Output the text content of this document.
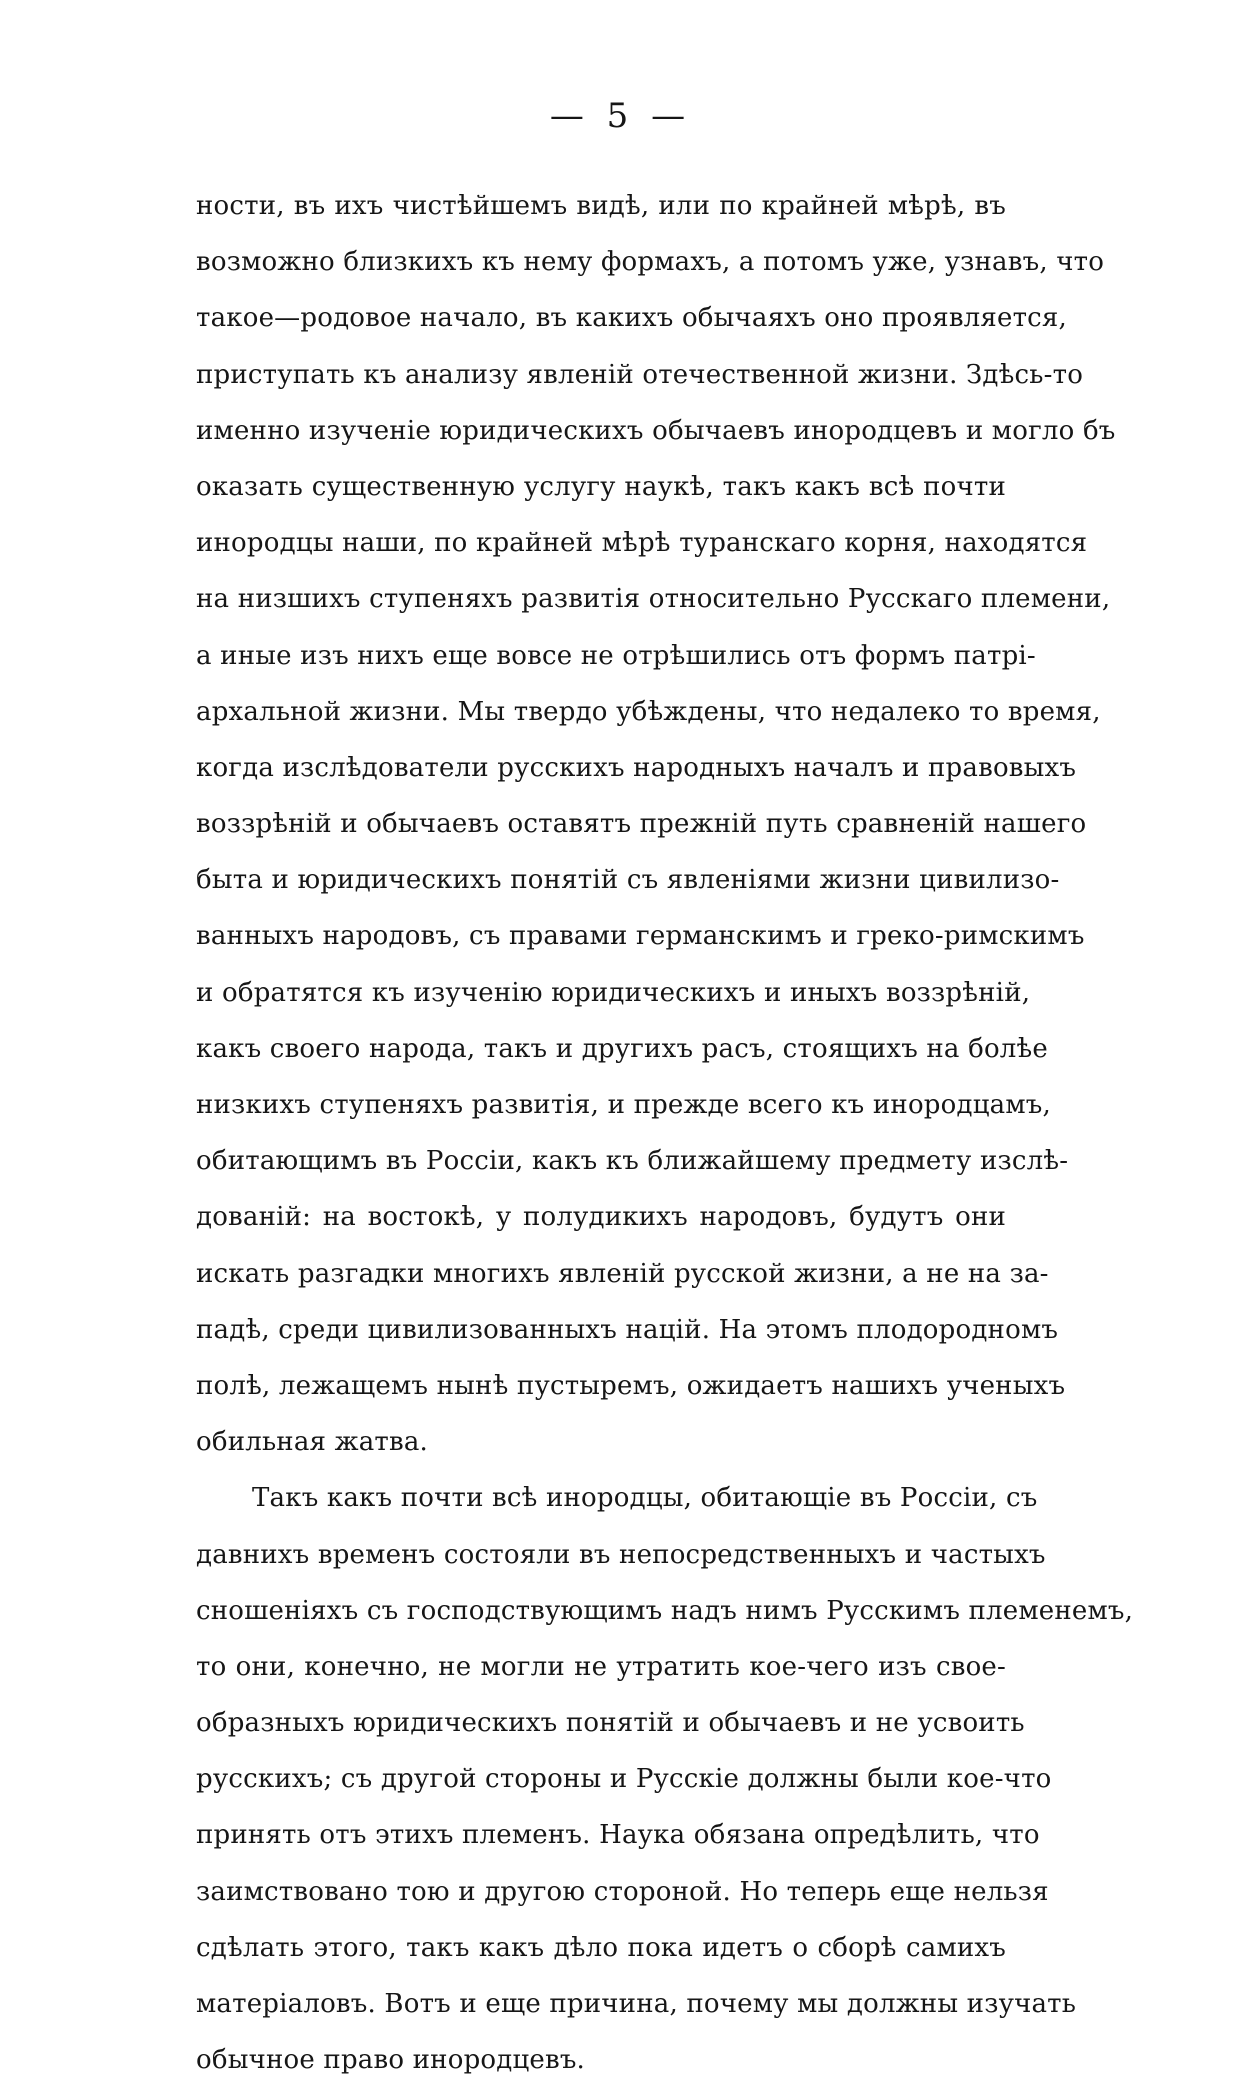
— 5 —

ности, въ ихъ чистѣйшемъ видѣ, или по крайней мѣрѣ, въ
возможно близкихъ къ нему формахъ, а потомъ уже, узнавъ, что
такое—родовое начало, въ какихъ обычаяхъ оно проявляется,
приступать къ анализу явленій отечественной жизни. Здѣсь-то
именно изученіе юридическихъ обычаевъ инородцевъ и могло бъ
оказать существенную услугу наукѣ, такъ какъ всѣ почти
инородцы наши, по крайней мѣрѣ туранскаго корня, находятся
на низшихъ ступеняхъ развитія относительно Русскаго племени,
а иные изъ нихъ еще вовсе не отрѣшились отъ формъ патрі-
архальной жизни. Мы твердо убѣждены, что недалеко то время,
когда изслѣдователи русскихъ народныхъ началъ и правовыхъ
воззрѣній и обычаевъ оставятъ прежній путь сравненій нашего
быта и юридическихъ понятій съ явленіями жизни цивилизо-
ванныхъ народовъ, съ правами германскимъ и греко-римскимъ
и обратятся къ изученію юридическихъ и иныхъ воззрѣній,
какъ своего народа, такъ и другихъ расъ, стоящихъ на болѣе
низкихъ ступеняхъ развитія, и прежде всего къ инородцамъ,
обитающимъ въ Россіи, какъ къ ближайшему предмету изслѣ-
дованій: на востокѣ, у полудикихъ народовъ, будутъ они
искать разгадки многихъ явленій русской жизни, а не на за-
падѣ, среди цивилизованныхъ націй. На этомъ плодородномъ
полѣ, лежащемъ нынѣ пустыремъ, ожидаетъ нашихъ ученыхъ
обильная жатва.
Такъ какъ почти всѣ инородцы, обитающіе въ Россіи, съ
давнихъ временъ состояли въ непосредственныхъ и частыхъ
сношеніяхъ съ господствующимъ надъ нимъ Русскимъ племенемъ,
то они, конечно, не могли не утратить кое-чего изъ свое-
образныхъ юридическихъ понятій и обычаевъ и не усвоить
русскихъ; съ другой стороны и Русскіе должны были кое-что
принять отъ этихъ племенъ. Наука обязана опредѣлить, что
заимствовано тою и другою стороной. Но теперь еще нельзя
сдѣлать этого, такъ какъ дѣло пока идетъ о сборѣ самихъ
матеріаловъ. Вотъ и еще причина, почему мы должны изучать
обычное право инородцевъ.
